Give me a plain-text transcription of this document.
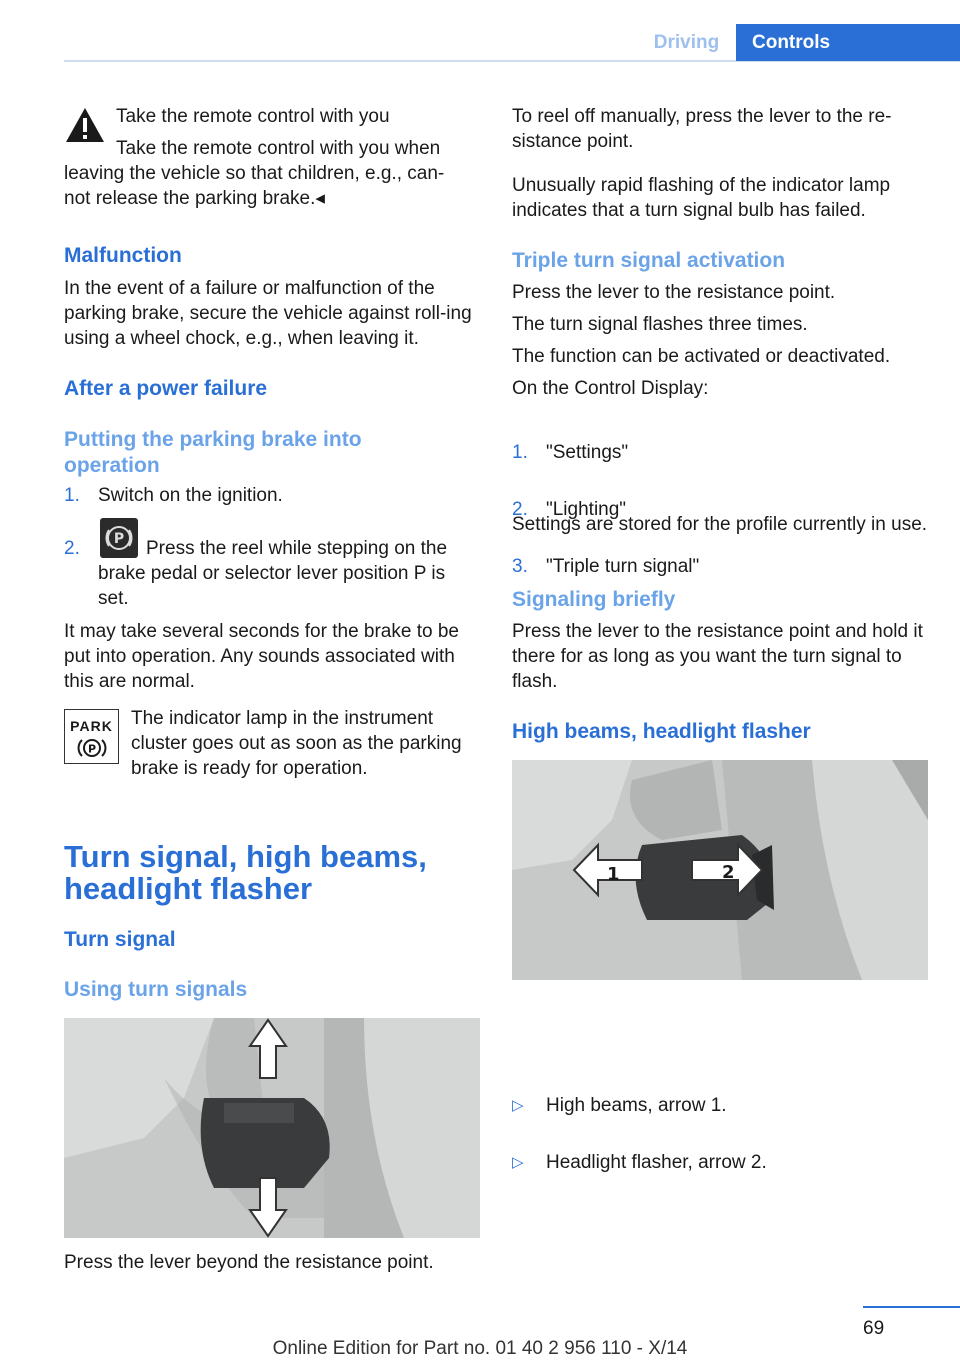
Driving	Controls
Take the remote control with you
Take the remote control with you when
leaving the vehicle so that children, e.g., can-
not release the parking brake.◂
Malfunction
In the event of a failure or malfunction of the parking brake, secure the vehicle against roll-ing using a wheel chock, e.g., when leaving it.
After a power failure
Putting the parking brake into operation
1. Switch on the ignition.
2. P	Press the reel while stepping on the brake pedal or selector lever position P is set.
It may take several seconds for the brake to be put into operation. Any sounds associated with this are normal.
PARK
P
The indicator lamp in the instrument cluster goes out as soon as the parking brake is ready for operation.
Turn signal, high beams, headlight flasher
Turn signal
Using turn signals
Press the lever beyond the resistance point.
To reel off manually, press the lever to the re-sistance point.
Unusually rapid flashing of the indicator lamp indicates that a turn signal bulb has failed.
Triple turn signal activation
Press the lever to the resistance point.
The turn signal flashes three times.
The function can be activated or deactivated.
On the Control Display:
1. "Settings"
2. "Lighting"
3. "Triple turn signal"
Settings are stored for the profile currently in use.
Signaling briefly
Press the lever to the resistance point and hold it there for as long as you want the turn signal to flash.
High beams, headlight flasher
1	2
▷ High beams, arrow 1.
▷ Headlight flasher, arrow 2.
69
Online Edition for Part no. 01 40 2 956 110 - X/14
